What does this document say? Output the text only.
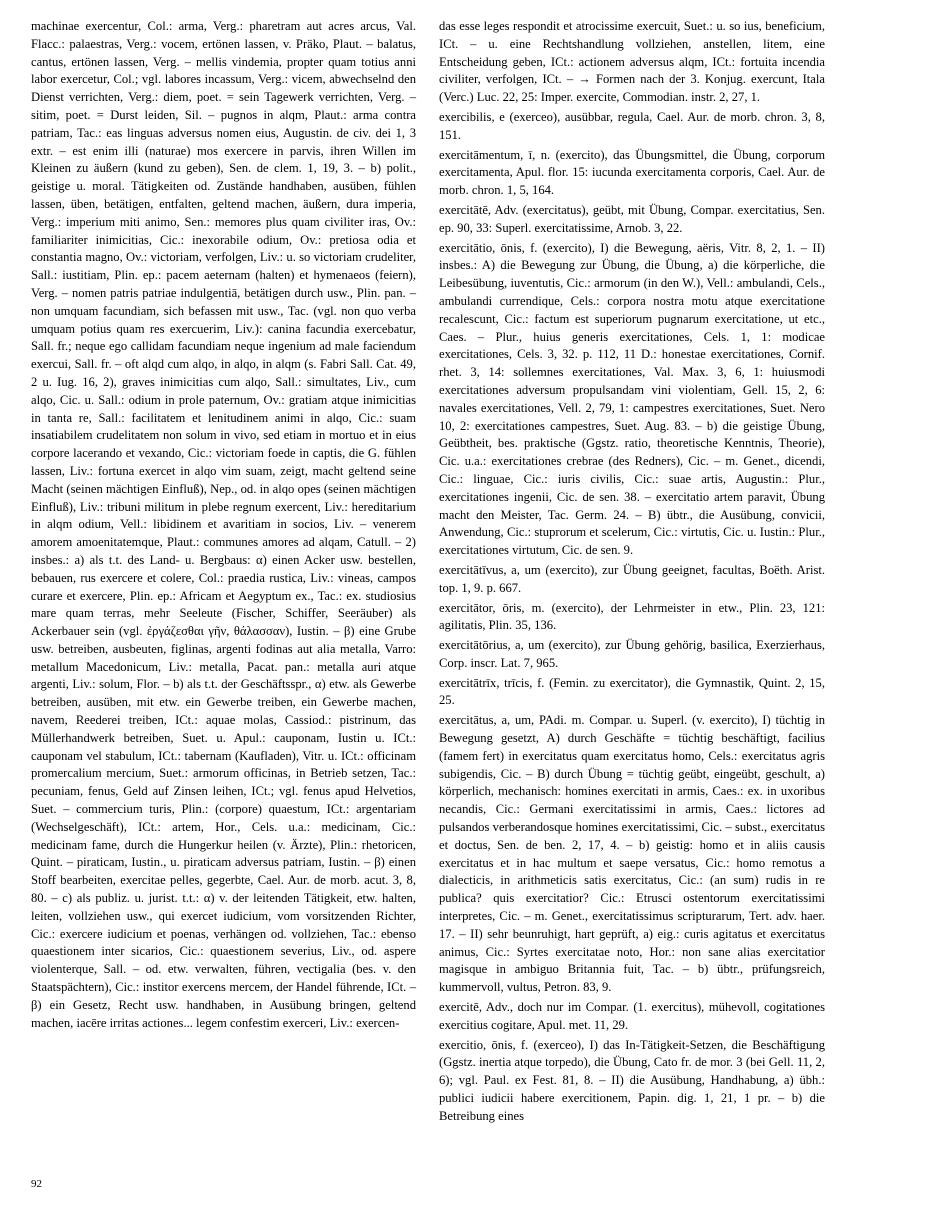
machinae exercentur, Col.: arma, Verg.: pharetram aut acres arcus, Val. Flacc.: palaestras, Verg.: vocem, ertönen lassen, v. Präko, Plaut. – balatus, cantus, ertönen lassen, Verg. – mellis vindemia, propter quam totius anni labor exercetur, Col.; vgl. labores incassum, Verg.: vicem, abwechselnd den Dienst verrichten, Verg.: diem, poet. = sein Tagewerk verrichten, Verg. – sitim, poet. = Durst leiden, Sil. – pugnos in alqm, Plaut.: arma contra patriam, Tac.: eas linguas adversus nomen eius, Augustin. de civ. dei 1, 3 extr. – est enim illi (naturae) mos exercere in parvis, ihren Willen im Kleinen zu äußern (kund zu geben), Sen. de clem. 1, 19, 3. – b) polit., geistige u. moral. Tätigkeiten od. Zustände handhaben, ausüben, fühlen lassen, üben, betätigen, entfalten, geltend machen, äußern, dura imperia, Verg.: imperium miti animo, Sen.: memores plus quam civiliter iras, Ov.: familiariter inimicitias, Cic.: inexorabile odium, Ov.: pretiosa odia et constantia magno, Ov.: victoriam, verfolgen, Liv.: u. so victoriam crudeliter, Sall.: iustitiam, Plin. ep.: pacem aeternam (halten) et hymenaeos (feiern), Verg. – nomen patris patriae indulgentiā, betätigen durch usw., Plin. pan. – non umquam facundiam, sich befassen mit usw., Tac. (vgl. non quo verba umquam potius quam res exercuerim, Liv.): canina facundia exercebatur, Sall. fr.; neque ego callidam facundiam neque ingenium ad male faciendum exercui, Sall. fr. – oft alqd cum alqo, in alqo, in alqm (s. Fabri Sall. Cat. 49, 2 u. Iug. 16, 2), graves inimicitias cum alqo, Sall.: simultates, Liv., cum alqo, Cic. u. Sall.: odium in prole paternum, Ov.: gratiam atque inimicitias in tanta re, Sall.: facilitatem et lenitudinem animi in alqo, Cic.: suam insatiabilem crudelitatem non solum in vivo, sed etiam in mortuo et in eius corpore lacerando et vexando, Cic.: victoriam foede in captis, die G. fühlen lassen, Liv.: fortuna exercet in alqo vim suam, zeigt, macht geltend seine Macht (seinen mächtigen Einfluß), Nep., od. in alqo opes (seinen mächtigen Einfluß), Liv.: tribuni militum in plebe regnum exercent, Liv.: hereditarium in alqm odium, Vell.: libidinem et avaritiam in socios, Liv. – venerem amorem amoenitatemque, Plaut.: communes amores ad alqam, Catull. – 2) insbes.: a) als t.t. des Land- u. Bergbaus: α) einen Acker usw. bestellen, bebauen, rus exercere et colere, Col.: praedia rustica, Liv.: vineas, campos curare et exercere, Plin. ep.: Africam et Aegyptum ex., Tac.: ex. studiosius mare quam terras, mehr Seeleute (Fischer, Schiffer, Seeräuber) als Ackerbauer sein (vgl. ἐργάζεσθαι γῆν, θάλασσαν), Iustin. – β) eine Grube usw. betreiben, ausbeuten, figlinas, argenti fodinas aut alia metalla, Varro: metallum Macedonicum, Liv.: metalla, Pacat. pan.: metalla auri atque argenti, Liv.: solum, Flor. – b) als t.t. der Geschäftsspr., α) etw. als Gewerbe betreiben, ausüben, mit etw. ein Gewerbe treiben, ein Gewerbe machen, navem, Reederei treiben, ICt.: aquae molas, Cassiod.: pistrinum, das Müllerhandwerk betreiben, Suet. u. Apul.: cauponam, Iustin u. ICt.: cauponam vel stabulum, ICt.: tabernam (Kaufladen), Vitr. u. ICt.: officinam promercalium mercium, Suet.: armorum officinas, in Betrieb setzen, Tac.: pecuniam, fenus, Geld auf Zinsen leihen, ICt.; vgl. fenus apud Helvetios, Suet. – commercium turis, Plin.: (corpore) quaestum, ICt.: argentariam (Wechselgeschäft), ICt.: artem, Hor., Cels. u.a.: medicinam, Cic.: medicinam fame, durch die Hungerkur heilen (v. Ärzte), Plin.: rhetoricen, Quint. – piraticam, Iustin., u. piraticam adversus patriam, Iustin. – β) einen Stoff bearbeiten, exercitae pelles, gegerbte, Cael. Aur. de morb. acut. 3, 8, 80. – c) als publiz. u. jurist. t.t.: α) v. der leitenden Tätigkeit, etw. halten, leiten, vollziehen usw., qui exercet iudicium, vom vorsitzenden Richter, Cic.: exercere iudicium et poenas, verhängen od. vollziehen, Tac.: ebenso quaestionem inter sicarios, Cic.: quaestionem severius, Liv., od. aspere violenterque, Sall. – od. etw. verwalten, führen, vectigalia (bes. v. den Staatspächtern), Cic.: institor exercens mercem, der Handel führende, ICt. – β) ein Gesetz, Recht usw. handhaben, in Ausübung bringen, geltend machen, iacēre irritas actiones... legem confestim exerceri, Liv.: exercen-

das esse leges respondit et atrocissime exercuit, Suet.: u. so ius, beneficium, ICt. – u. eine Rechtshandlung vollziehen, anstellen, litem, eine Entscheidung geben, ICt.: actionem adversus alqm, ICt.: fortuita incendia civiliter, verfolgen, ICt. – → Formen nach der 3. Konjug. exercunt, Itala (Verc.) Luc. 22, 25: Imper. exercite, Commodian. instr. 2, 27, 1.

exercibilis, e (exerceo), ausübbar, regula, Cael. Aur. de morb. chron. 3, 8, 151.

exercitāmentum, ī, n. (exercito), das Übungsmittel, die Übung, corporum exercitamenta, Apul. flor. 15: iucunda exercitamenta corporis, Cael. Aur. de morb. chron. 1, 5, 164.

exercitātē, Adv. (exercitatus), geübt, mit Übung, Compar. exercitatius, Sen. ep. 90, 33: Superl. exercitatissime, Arnob. 3, 22.

exercitātio, ōnis, f. (exercito), I) die Bewegung, aëris, Vitr. 8, 2, 1. – II) insbes.: A) die Bewegung zur Übung, die Übung, a) die körperliche, die Leibesübung, iuventutis, Cic.: armorum (in den W.), Vell.: ambulandi, Cels., ambulandi currendique, Cels.: corpora nostra motu atque exercitatione recalescunt, Cic.: factum est superiorum pugnarum exercitatione, ut etc., Caes. – Plur., huius generis exercitationes, Cels. 1, 1: modicae exercitationes, Cels. 3, 32. p. 112, 11 D.: honestae exercitationes, Cornif. rhet. 3, 14: sollemnes exercitationes, Val. Max. 3, 6, 1: huiusmodi exercitationes adversum propulsandam vini violentiam, Gell. 15, 2, 6: navales exercitationes, Vell. 2, 79, 1: campestres exercitationes, Suet. Nero 10, 2: exercitationes campestres, Suet. Aug. 83. – b) die geistige Übung, Geübtheit, bes. praktische (Ggstz. ratio, theoretische Kenntnis, Theorie), Cic. u.a.: exercitationes crebrae (des Redners), Cic. – m. Genet., dicendi, Cic.: linguae, Cic.: iuris civilis, Cic.: suae artis, Augustin.: Plur., exercitationes ingenii, Cic. de sen. 38. – exercitatio artem paravit, Übung macht den Meister, Tac. Germ. 24. – B) übtr., die Ausübung, convicii, Anwendung, Cic.: stuprorum et scelerum, Cic.: virtutis, Cic. u. Iustin.: Plur., exercitationes virtutum, Cic. de sen. 9.

exercitātīvus, a, um (exercito), zur Übung geeignet, facultas, Boëth. Arist. top. 1, 9. p. 667.

exercitātor, ōris, m. (exercito), der Lehrmeister in etw., Plin. 23, 121: agilitatis, Plin. 35, 136.

exercitātōrius, a, um (exercito), zur Übung gehörig, basilica, Exerzierhaus, Corp. inscr. Lat. 7, 965.

exercitātrīx, trīcis, f. (Femin. zu exercitator), die Gymnastik, Quint. 2, 15, 25.

exercitātus, a, um, PAdi. m. Compar. u. Superl. (v. exercito), I) tüchtig in Bewegung gesetzt, A) durch Geschäfte = tüchtig beschäftigt, facilius (famem fert) in exercitatus quam exercitatus homo, Cels.: exercitatus agris subigendis, Cic. – B) durch Übung = tüchtig geübt, eingeübt, geschult, a) körperlich, mechanisch: homines exercitati in armis, Caes.: ex. in uxoribus necandis, Cic.: Germani exercitatissimi in armis, Caes.: lictores ad pulsandos verberandosque homines exercitatissimi, Cic. – subst., exercitatus et doctus, Sen. de ben. 2, 17, 4. – b) geistig: homo et in aliis causis exercitatus et in hac multum et saepe versatus, Cic.: homo remotus a dialecticis, in arithmeticis satis exercitatus, Cic.: (an sum) rudis in re publica? quis exercitatior? Cic.: Etrusci ostentorum exercitatissimi interpretes, Cic. – m. Genet., exercitatissimus scripturarum, Tert. adv. haer. 17. – II) sehr beunruhigt, hart geprüft, a) eig.: curis agitatus et exercitatus animus, Cic.: Syrtes exercitatae noto, Hor.: non sane alias exercitatior magisque in ambiguo Britannia fuit, Tac. – b) übtr., prüfungsreich, kummervoll, vultus, Petron. 83, 9.

exercitē, Adv., doch nur im Compar. (1. exercitus), mühevoll, cogitationes exercitius cogitare, Apul. met. 11, 29.

exercitio, ōnis, f. (exerceo), I) das In-Tätigkeit-Setzen, die Beschäftigung (Ggstz. inertia atque torpedo), die Übung, Cato fr. de mor. 3 (bei Gell. 11, 2, 6); vgl. Paul. ex Fest. 81, 8. – II) die Ausübung, Handhabung, a) übh.: publici iudicii habere exercitionem, Papin. dig. 1, 21, 1 pr. – b) die Betreibung eines

92
